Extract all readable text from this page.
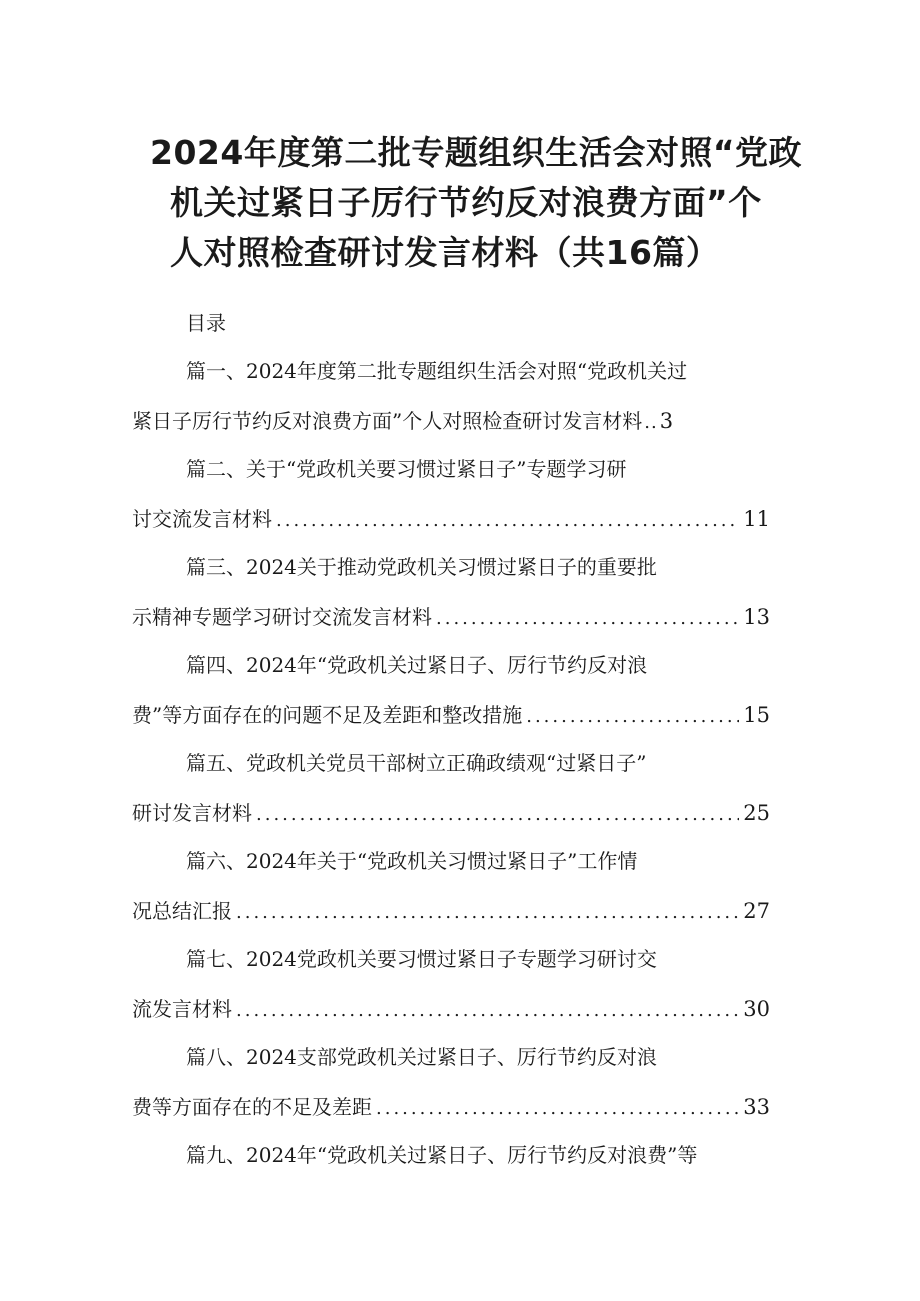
2024年度第二批专题组织生活会对照“党政
机关过紧日子厉行节约反对浪费方面”个
人对照检查研讨发言材料（共16篇）
目录
篇一、2024年度第二批专题组织生活会对照“党政机关过
紧日子厉行节约反对浪费方面”个人对照检查研讨发言材料 .. 3
篇二、关于“党政机关要习惯过紧日子”专题学习研
讨交流发言材料 .....	11
篇三、2024关于推动党政机关习惯过紧日子的重要批
示精神专题学习研讨交流发言材料 .....	13
篇四、2024年“党政机关过紧日子、厉行节约反对浪
费”等方面存在的问题不足及差距和整改措施 .....	15
篇五、党政机关党员干部树立正确政绩观“过紧日子”
研讨发言材料 .....	25
篇六、2024年关于“党政机关习惯过紧日子”工作情
况总结汇报 .....	27
篇七、2024党政机关要习惯过紧日子专题学习研讨交
流发言材料 .....	30
篇八、2024支部党政机关过紧日子、厉行节约反对浪
费等方面存在的不足及差距 .....	33
篇九、2024年“党政机关过紧日子、厉行节约反对浪费”等
